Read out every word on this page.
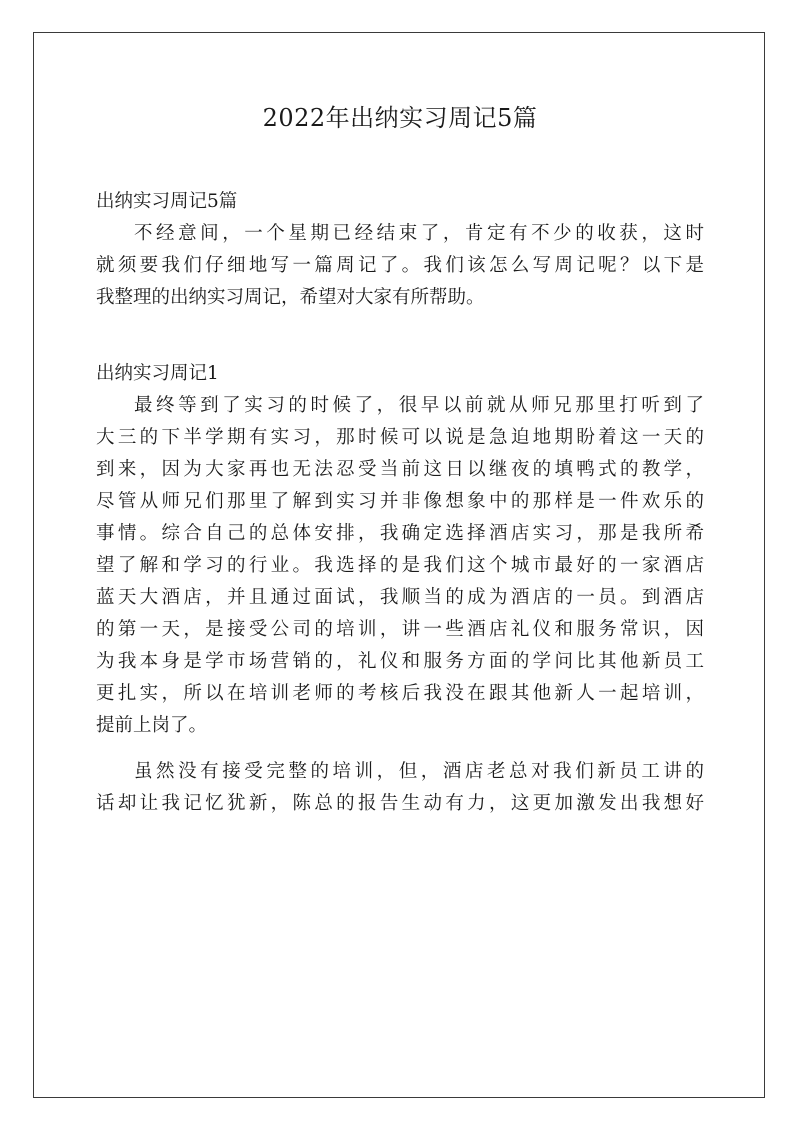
2022年出纳实习周记5篇
出纳实习周记5篇
不经意间，一个星期已经结束了，肯定有不少的收获，这时
就须要我们仔细地写一篇周记了。我们该怎么写周记呢？以下是
我整理的出纳实习周记，希望对大家有所帮助。
出纳实习周记1
最终等到了实习的时候了，很早以前就从师兄那里打听到了
大三的下半学期有实习，那时候可以说是急迫地期盼着这一天的
到来，因为大家再也无法忍受当前这日以继夜的填鸭式的教学，
尽管从师兄们那里了解到实习并非像想象中的那样是一件欢乐的
事情。综合自己的总体安排，我确定选择酒店实习，那是我所希
望了解和学习的行业。我选择的是我们这个城市最好的一家酒店
蓝天大酒店，并且通过面试，我顺当的成为酒店的一员。到酒店
的第一天，是接受公司的培训，讲一些酒店礼仪和服务常识，因
为我本身是学市场营销的，礼仪和服务方面的学问比其他新员工
更扎实，所以在培训老师的考核后我没在跟其他新人一起培训，
提前上岗了。
虽然没有接受完整的培训，但，酒店老总对我们新员工讲的
话却让我记忆犹新，陈总的报告生动有力，这更加激发出我想好
